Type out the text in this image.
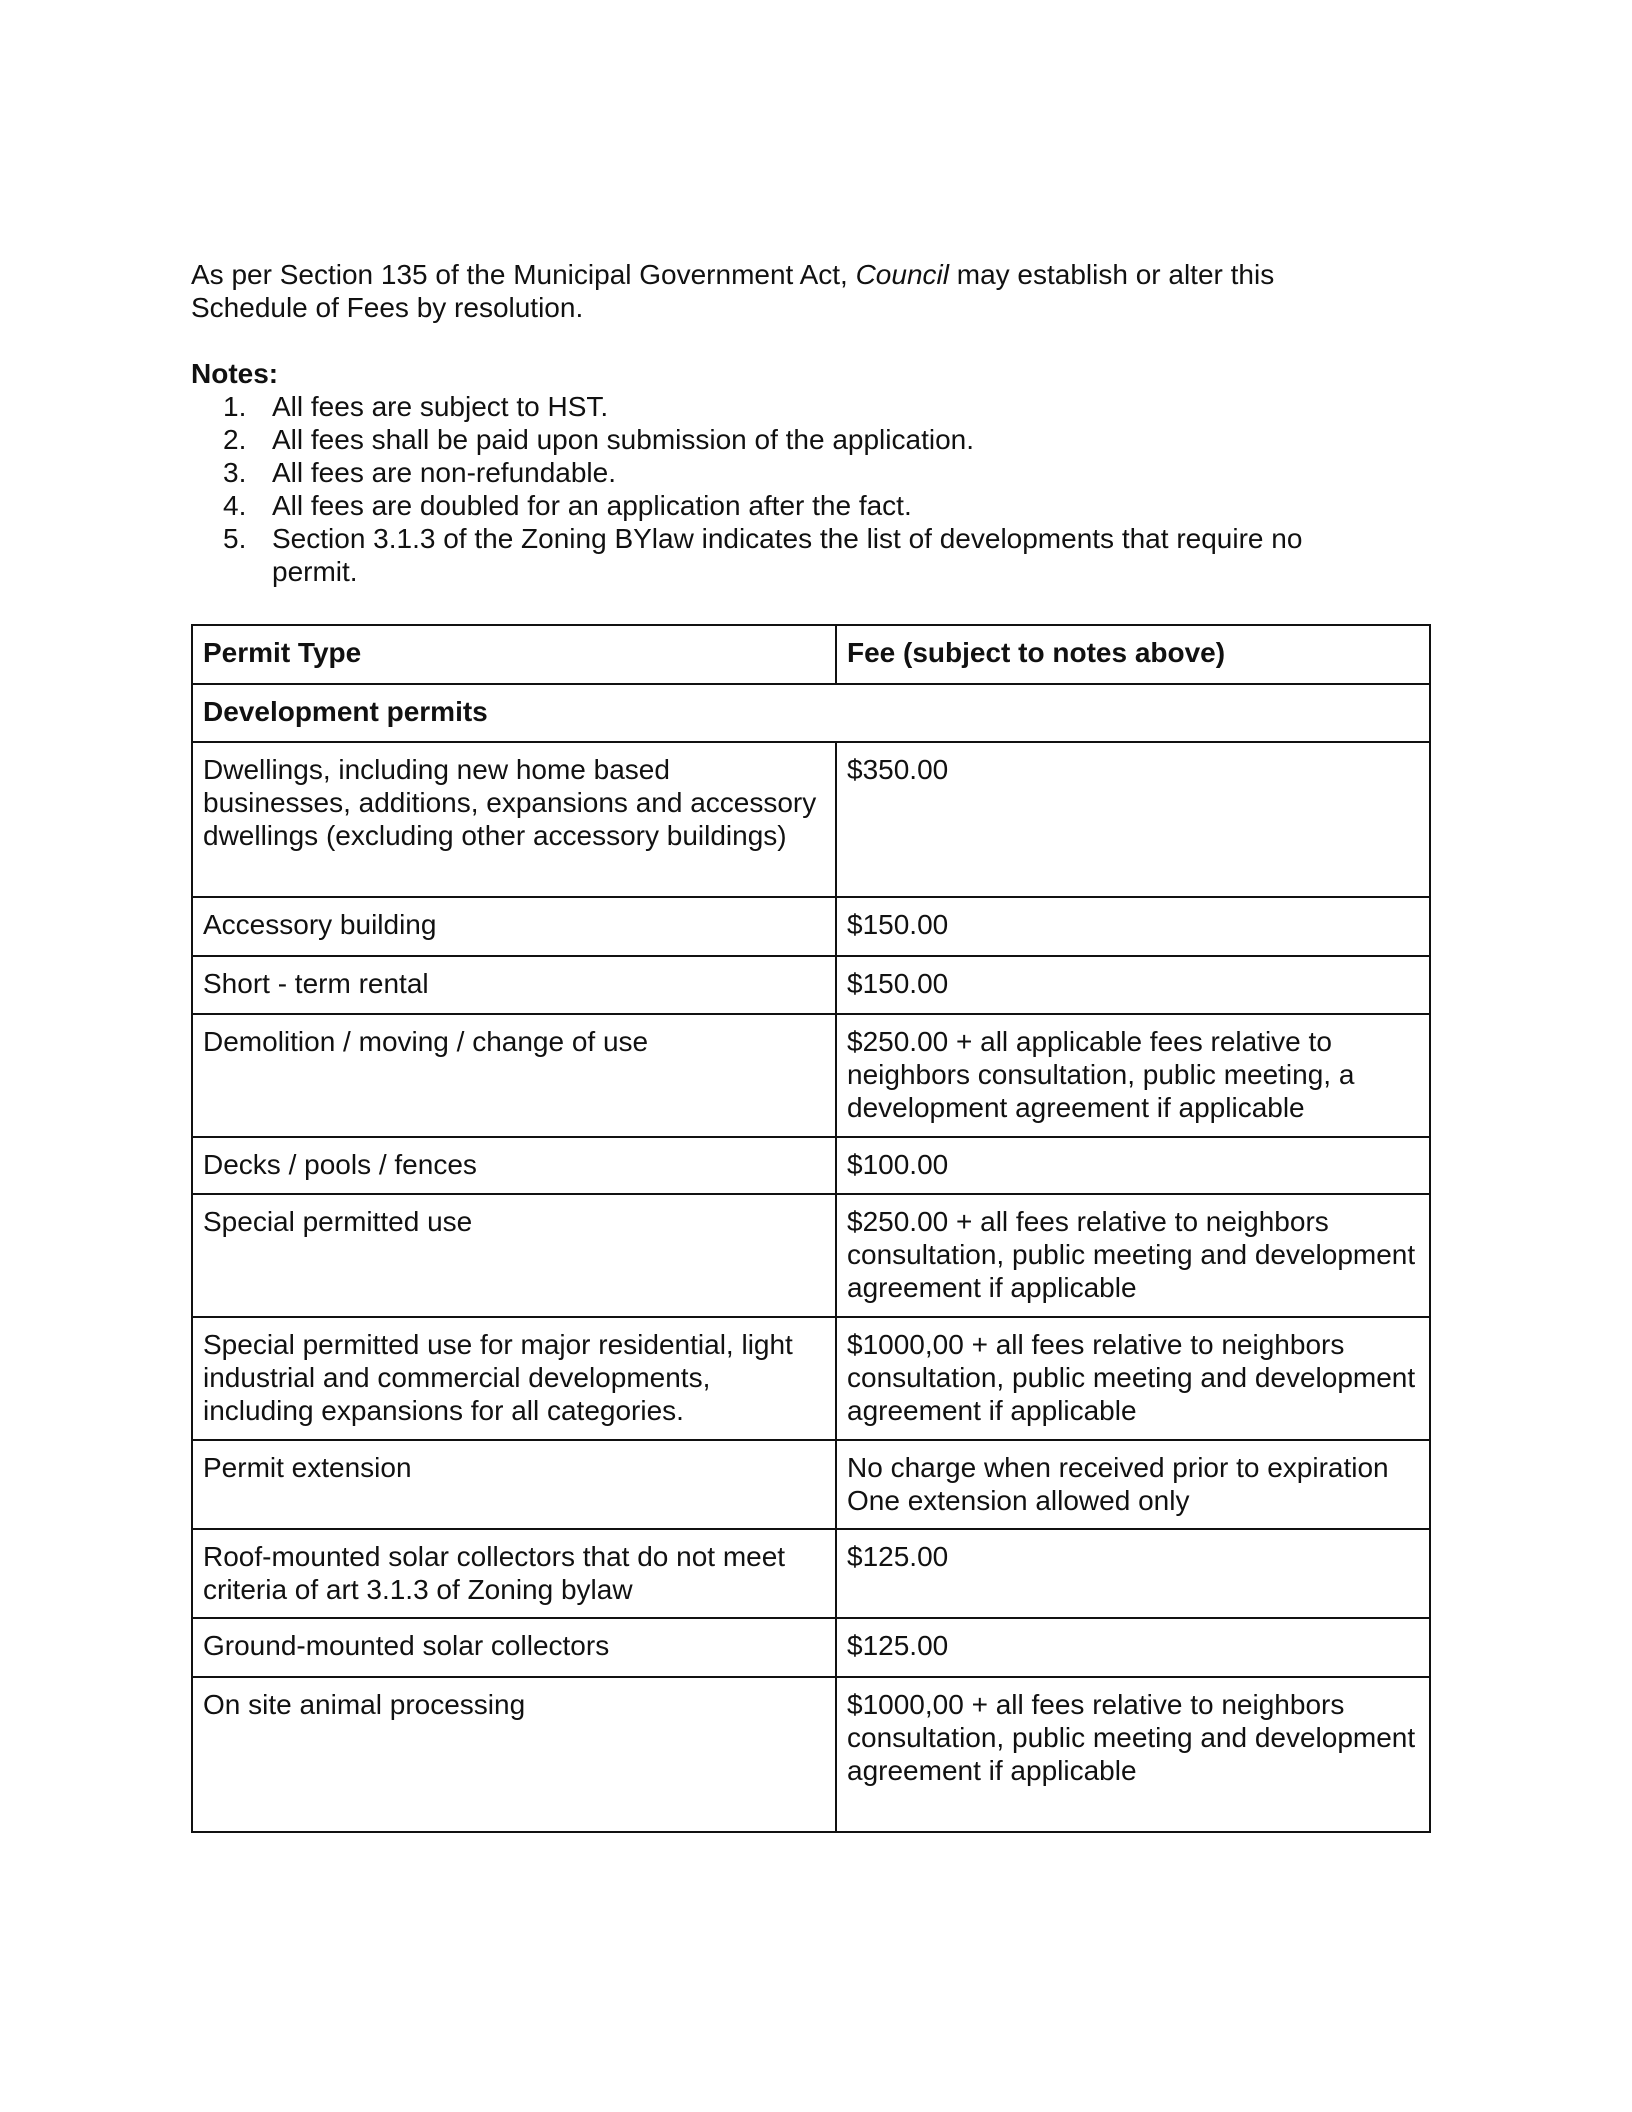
As per Section 135 of the Municipal Government Act, Council may establish or alter this Schedule of Fees by resolution.

Notes:
1. All fees are subject to HST.
2. All fees shall be paid upon submission of the application.
3. All fees are non-refundable.
4. All fees are doubled for an application after the fact.
5. Section 3.1.3 of the Zoning BYlaw indicates the list of developments that require no permit.
Permit Type	Fee (subject to notes above)
Development permits	
Dwellings, including new home based businesses, additions, expansions and accessory dwellings (excluding other accessory buildings)	$350.00

Accessory building	$150.00

Short - term rental	$150.00

Demolition / moving / change of use	$250.00 + all applicable fees relative to neighbors consultation, public meeting, a development agreement if applicable

Decks / pools / fences	$100.00

Special permitted use	$250.00 + all fees relative to neighbors consultation, public meeting and development agreement if applicable

Special permitted use for major residential, light industrial and commercial developments, including expansions for all categories.	$1000,00 + all fees relative to neighbors consultation, public meeting and development agreement if applicable

Permit extension	No charge when received prior to expiration
One extension allowed only

Roof-mounted solar collectors that do not meet criteria of art 3.1.3 of Zoning bylaw	$125.00

Ground-mounted solar collectors	$125.00

On site animal processing	$1000,00 + all fees relative to neighbors consultation, public meeting and development agreement if applicable
